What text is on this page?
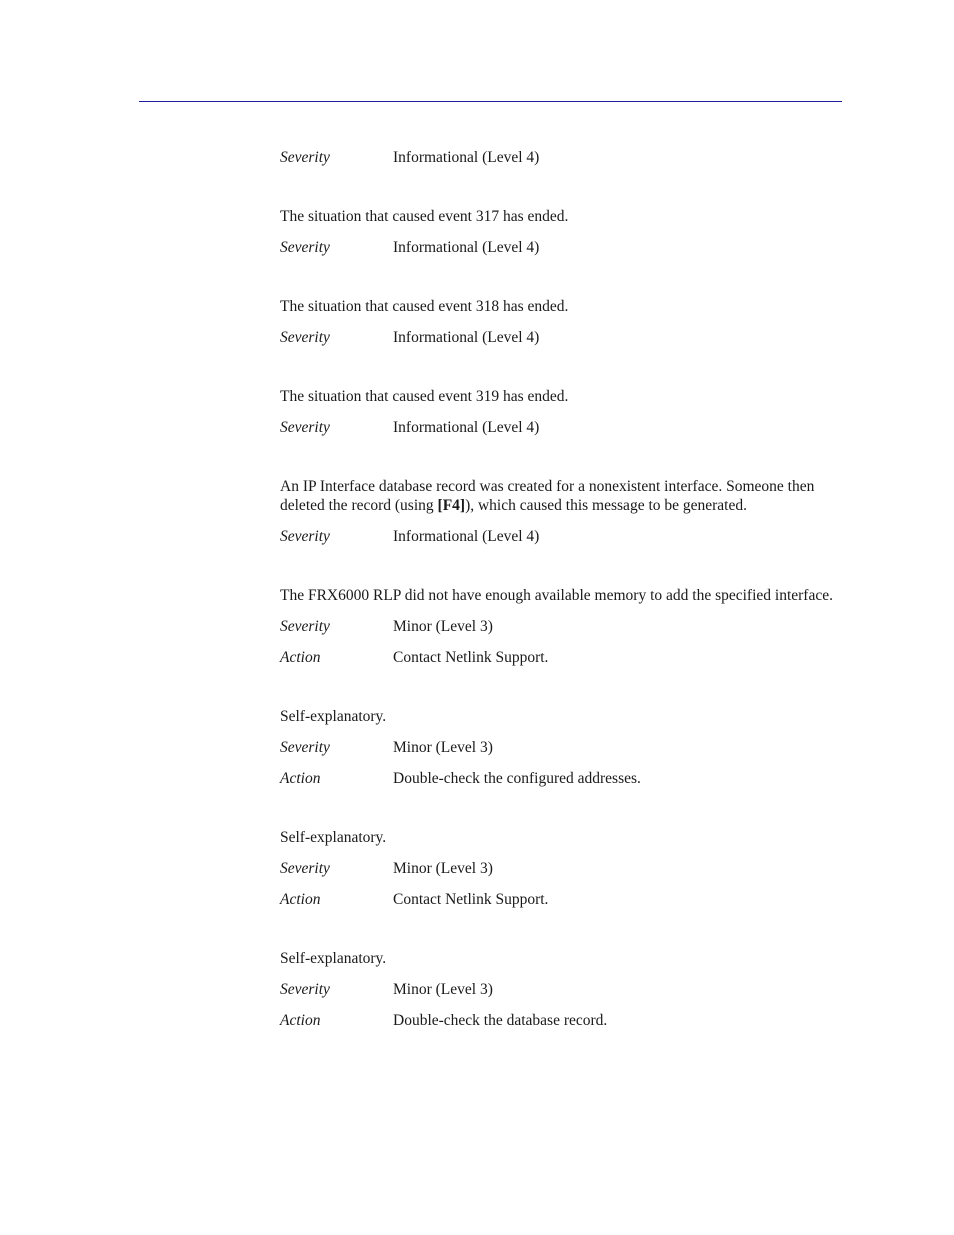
Severity	Informational (Level 4)

The situation that caused event 317 has ended.

Severity	Informational (Level 4)

The situation that caused event 318 has ended.

Severity	Informational (Level 4)

The situation that caused event 319 has ended.

Severity	Informational (Level 4)

An IP Interface database record was created for a nonexistent interface. Someone then deleted the record (using [F4]), which caused this message to be generated.

Severity	Informational (Level 4)

The FRX6000 RLP did not have enough available memory to add the specified interface.

Severity	Minor (Level 3)
Action	Contact Netlink Support.

Self-explanatory.

Severity	Minor (Level 3)
Action	Double-check the configured addresses.

Self-explanatory.

Severity	Minor (Level 3)
Action	Contact Netlink Support.

Self-explanatory.

Severity	Minor (Level 3)
Action	Double-check the database record.
